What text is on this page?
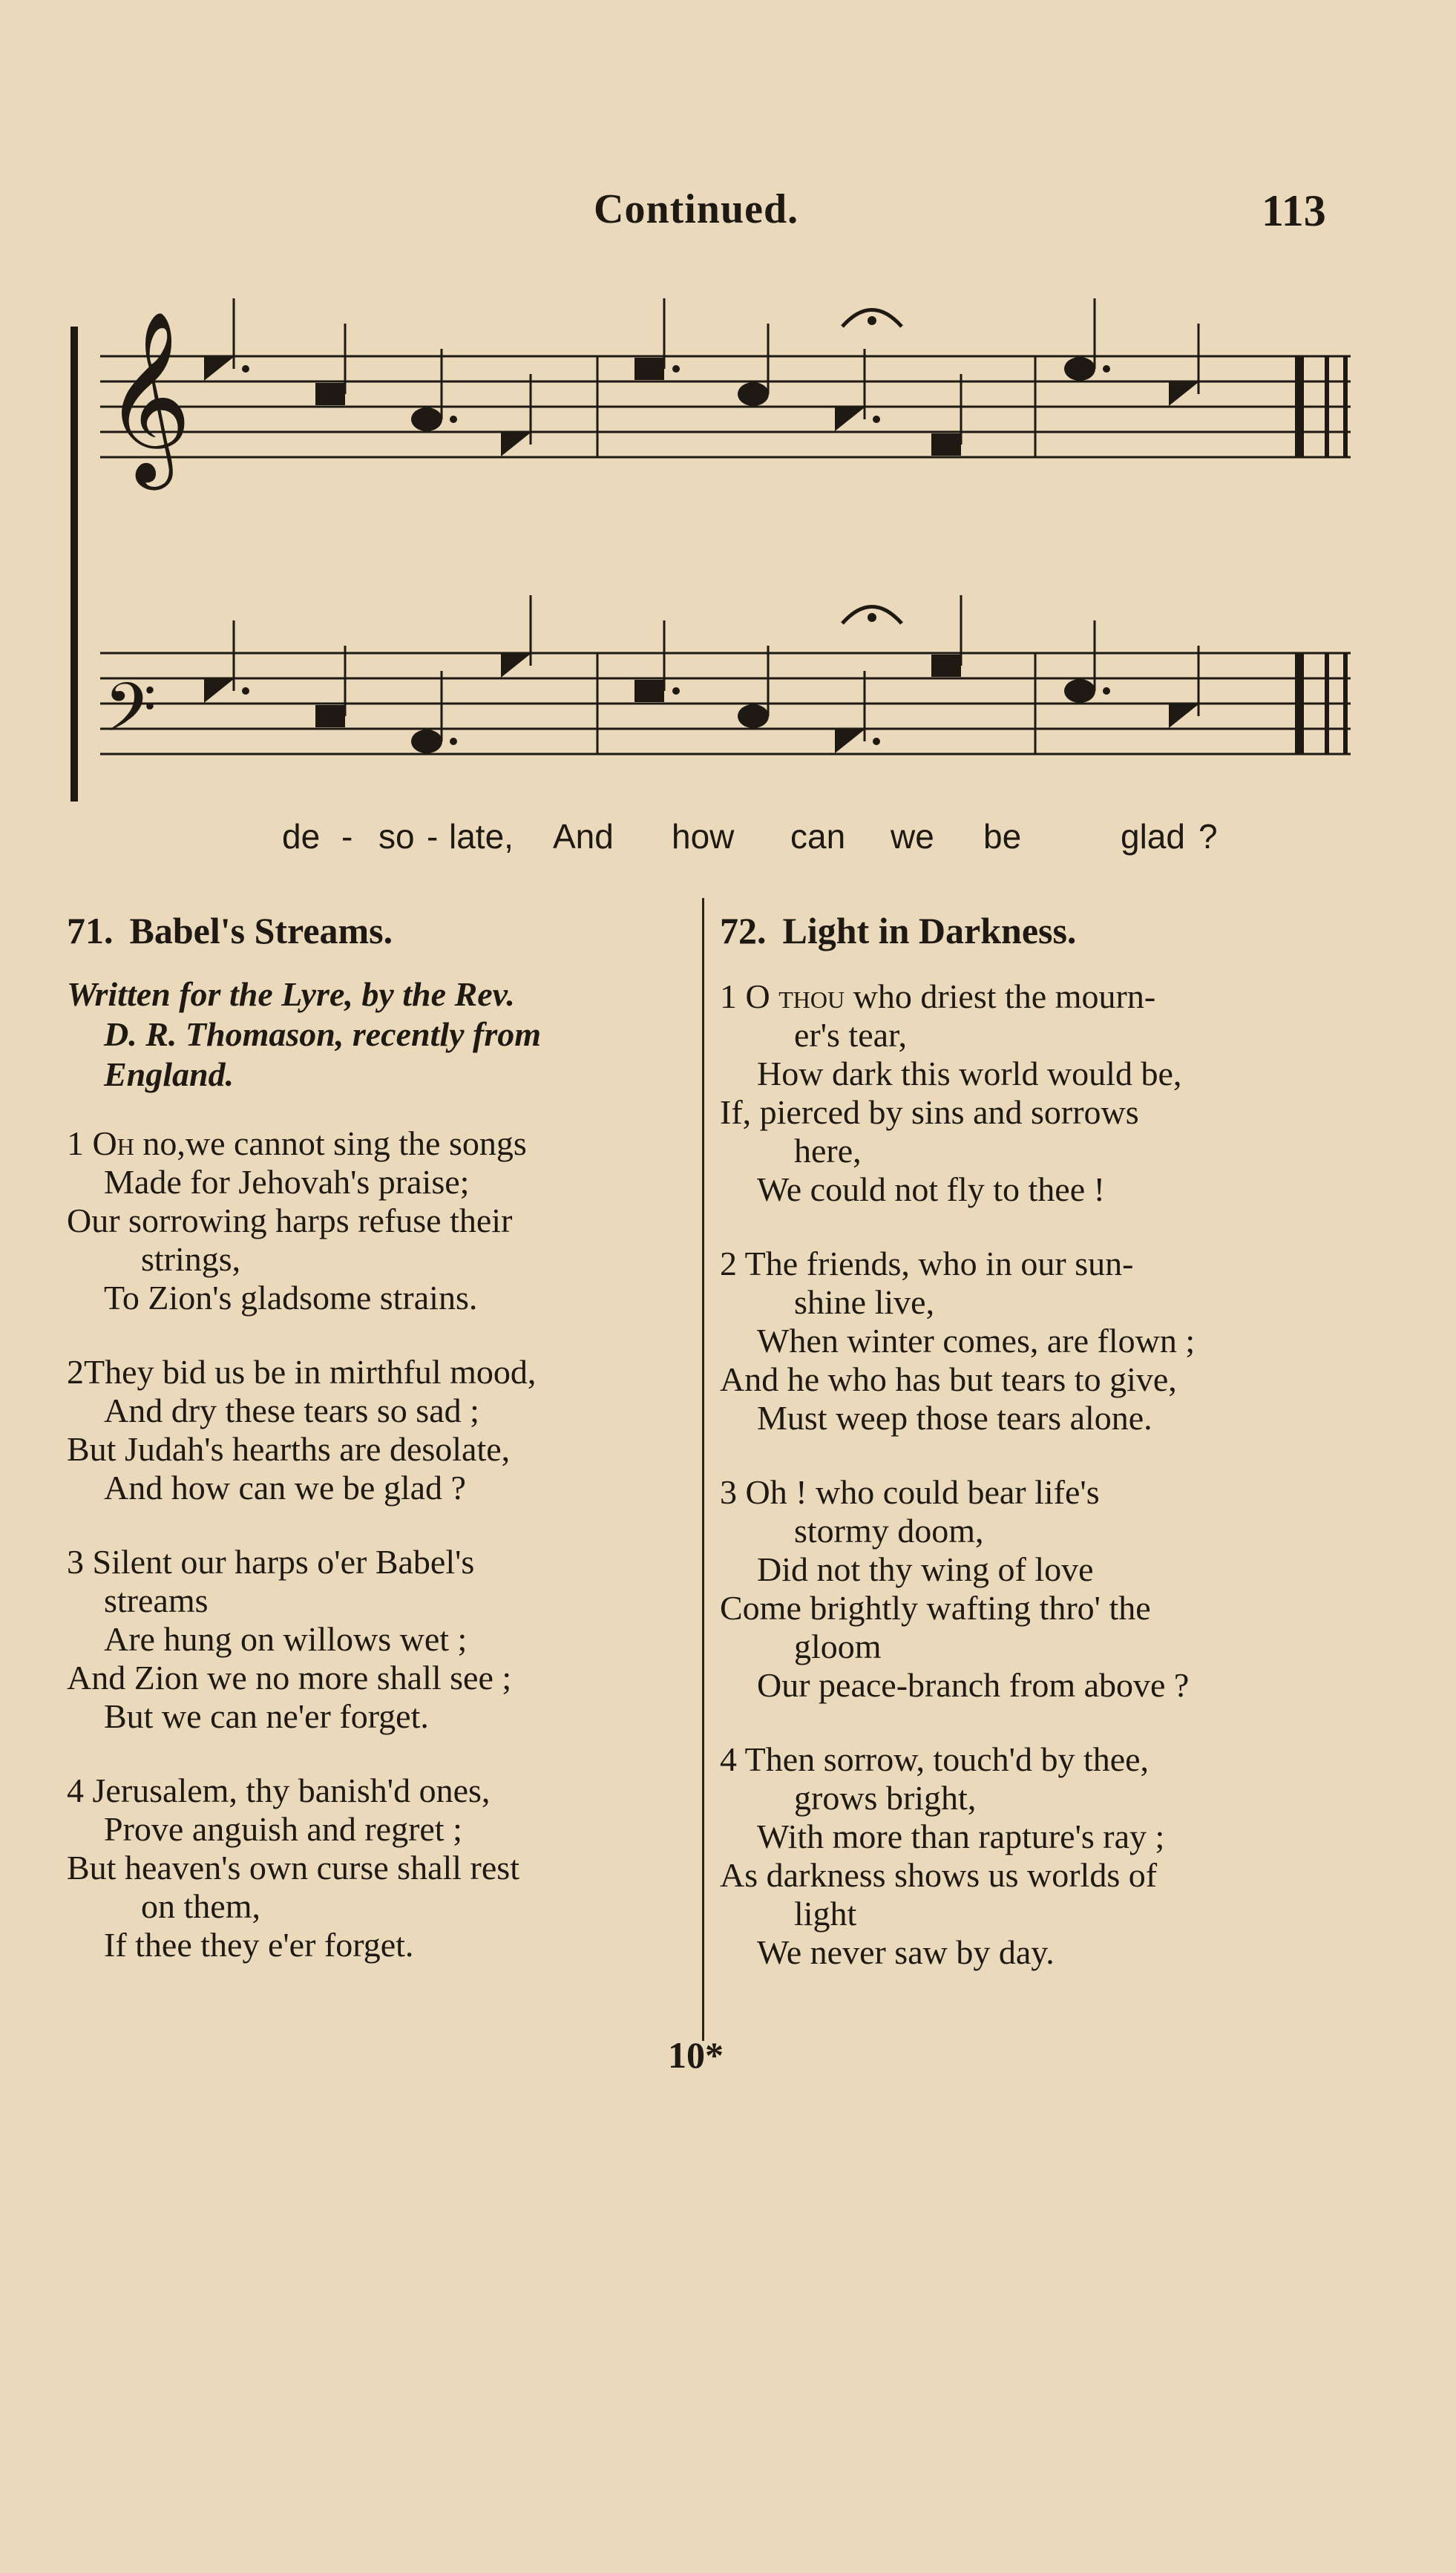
Continued.	113
𝄞
𝄢
de - so - late, And how can we be	glad ?
71. Babel's Streams.
Written for the Lyre, by the Rev.
D. R. Thomason, recently from
England.
1 Oh no,we cannot sing the songs
Made for Jehovah's praise;
Our sorrowing harps refuse their
strings,
To Zion's gladsome strains.
2They bid us be in mirthful mood,
And dry these tears so sad ;
But Judah's hearths are desolate,
And how can we be glad ?
3 Silent our harps o'er Babel's
streams
Are hung on willows wet ;
And Zion we no more shall see ;
But we can ne'er forget.
4 Jerusalem, thy banish'd ones,
Prove anguish and regret ;
But heaven's own curse shall rest
on them,
If thee they e'er forget.
72. Light in Darkness.
1 O thou who driest the mourn-
er's tear,
How dark this world would be,
If, pierced by sins and sorrows
here,
We could not fly to thee !
2 The friends, who in our sun-
shine live,
When winter comes, are flown ;
And he who has but tears to give,
Must weep those tears alone.
3 Oh ! who could bear life's
stormy doom,
Did not thy wing of love
Come brightly wafting thro' the
gloom
Our peace-branch from above ?
4 Then sorrow, touch'd by thee,
grows bright,
With more than rapture's ray ;
As darkness shows us worlds of
light
We never saw by day.
10*
